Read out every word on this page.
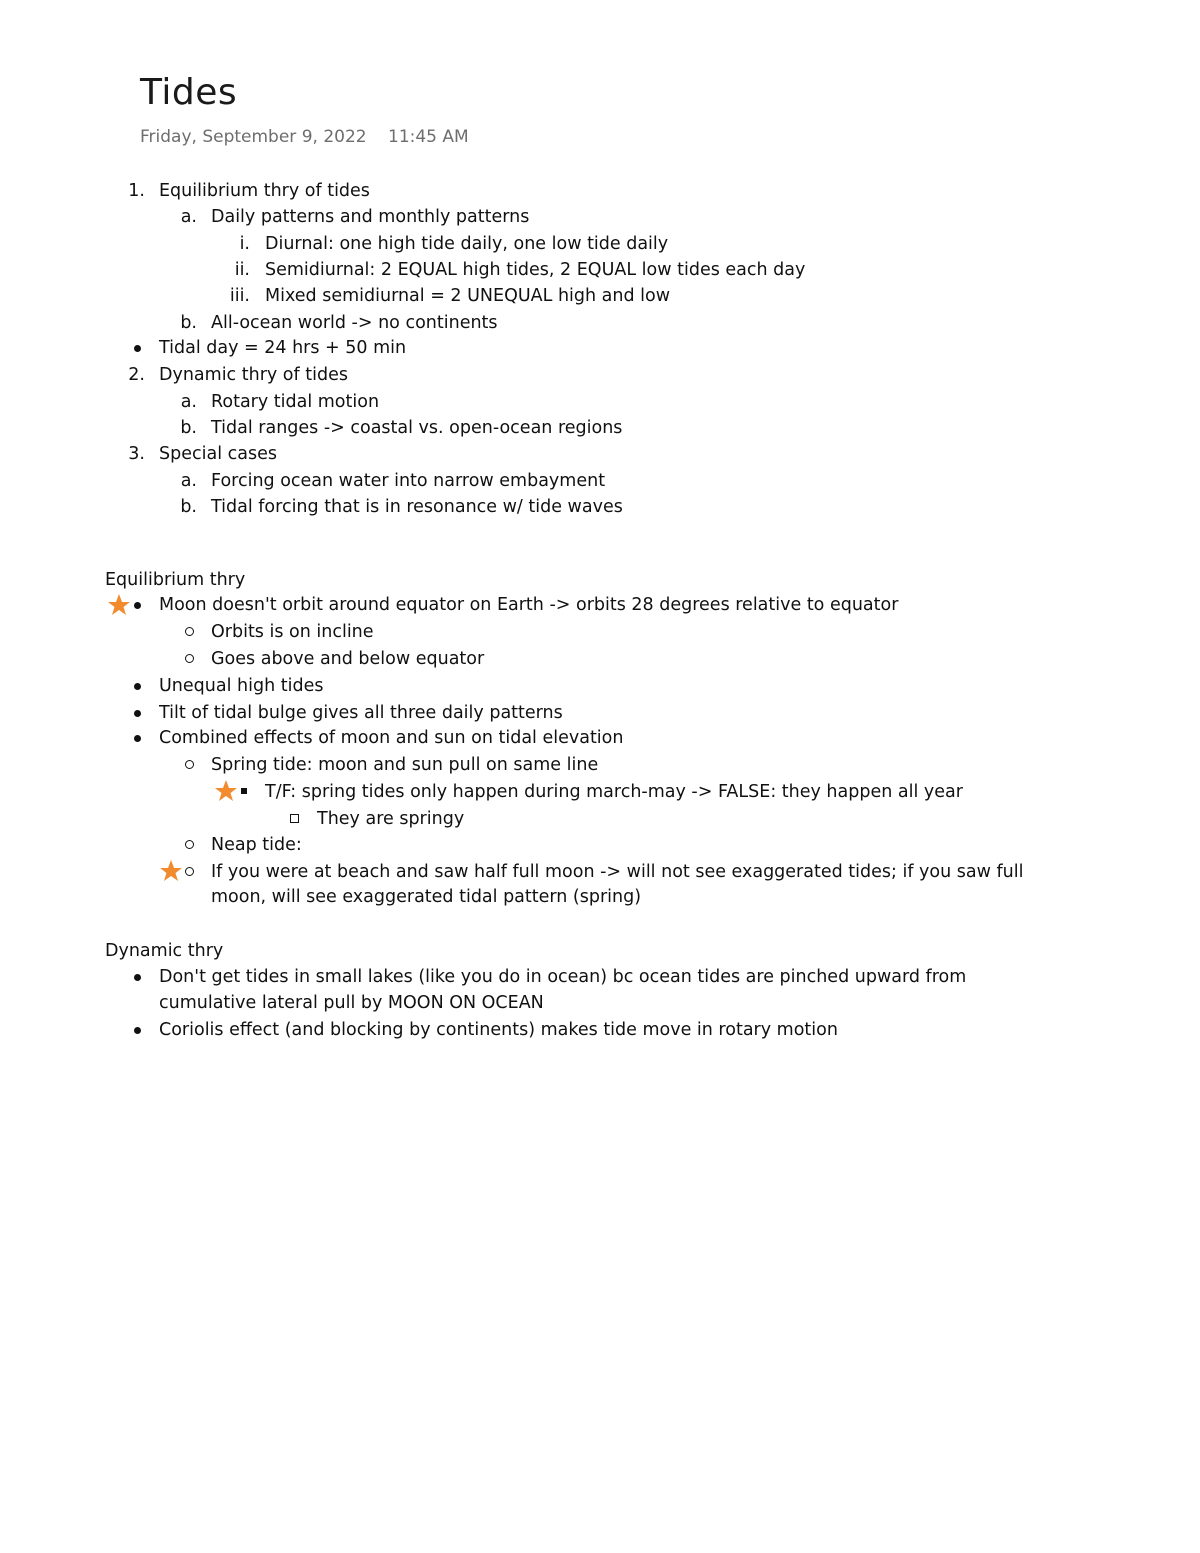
Tides
Friday, September 9, 2022 11:45 AM
1. Equilibrium thry of tides
a. Daily patterns and monthly patterns
i. Diurnal: one high tide daily, one low tide daily
ii. Semidiurnal: 2 EQUAL high tides, 2 EQUAL low tides each day
iii. Mixed semidiurnal = 2 UNEQUAL high and low
b. All-ocean world -> no continents
Tidal day = 24 hrs + 50 min
2. Dynamic thry of tides
a. Rotary tidal motion
b. Tidal ranges -> coastal vs. open-ocean regions
3. Special cases
a. Forcing ocean water into narrow embayment
b. Tidal forcing that is in resonance w/ tide waves
Equilibrium thry
Moon doesn't orbit around equator on Earth -> orbits 28 degrees relative to equator
Orbits is on incline
Goes above and below equator
Unequal high tides
Tilt of tidal bulge gives all three daily patterns
Combined effects of moon and sun on tidal elevation
Spring tide: moon and sun pull on same line
T/F: spring tides only happen during march-may -> FALSE: they happen all year
They are springy
Neap tide:
If you were at beach and saw half full moon -> will not see exaggerated tides; if you saw full
moon, will see exaggerated tidal pattern (spring)
Dynamic thry
Don't get tides in small lakes (like you do in ocean) bc ocean tides are pinched upward from
cumulative lateral pull by MOON ON OCEAN
Coriolis effect (and blocking by continents) makes tide move in rotary motion
